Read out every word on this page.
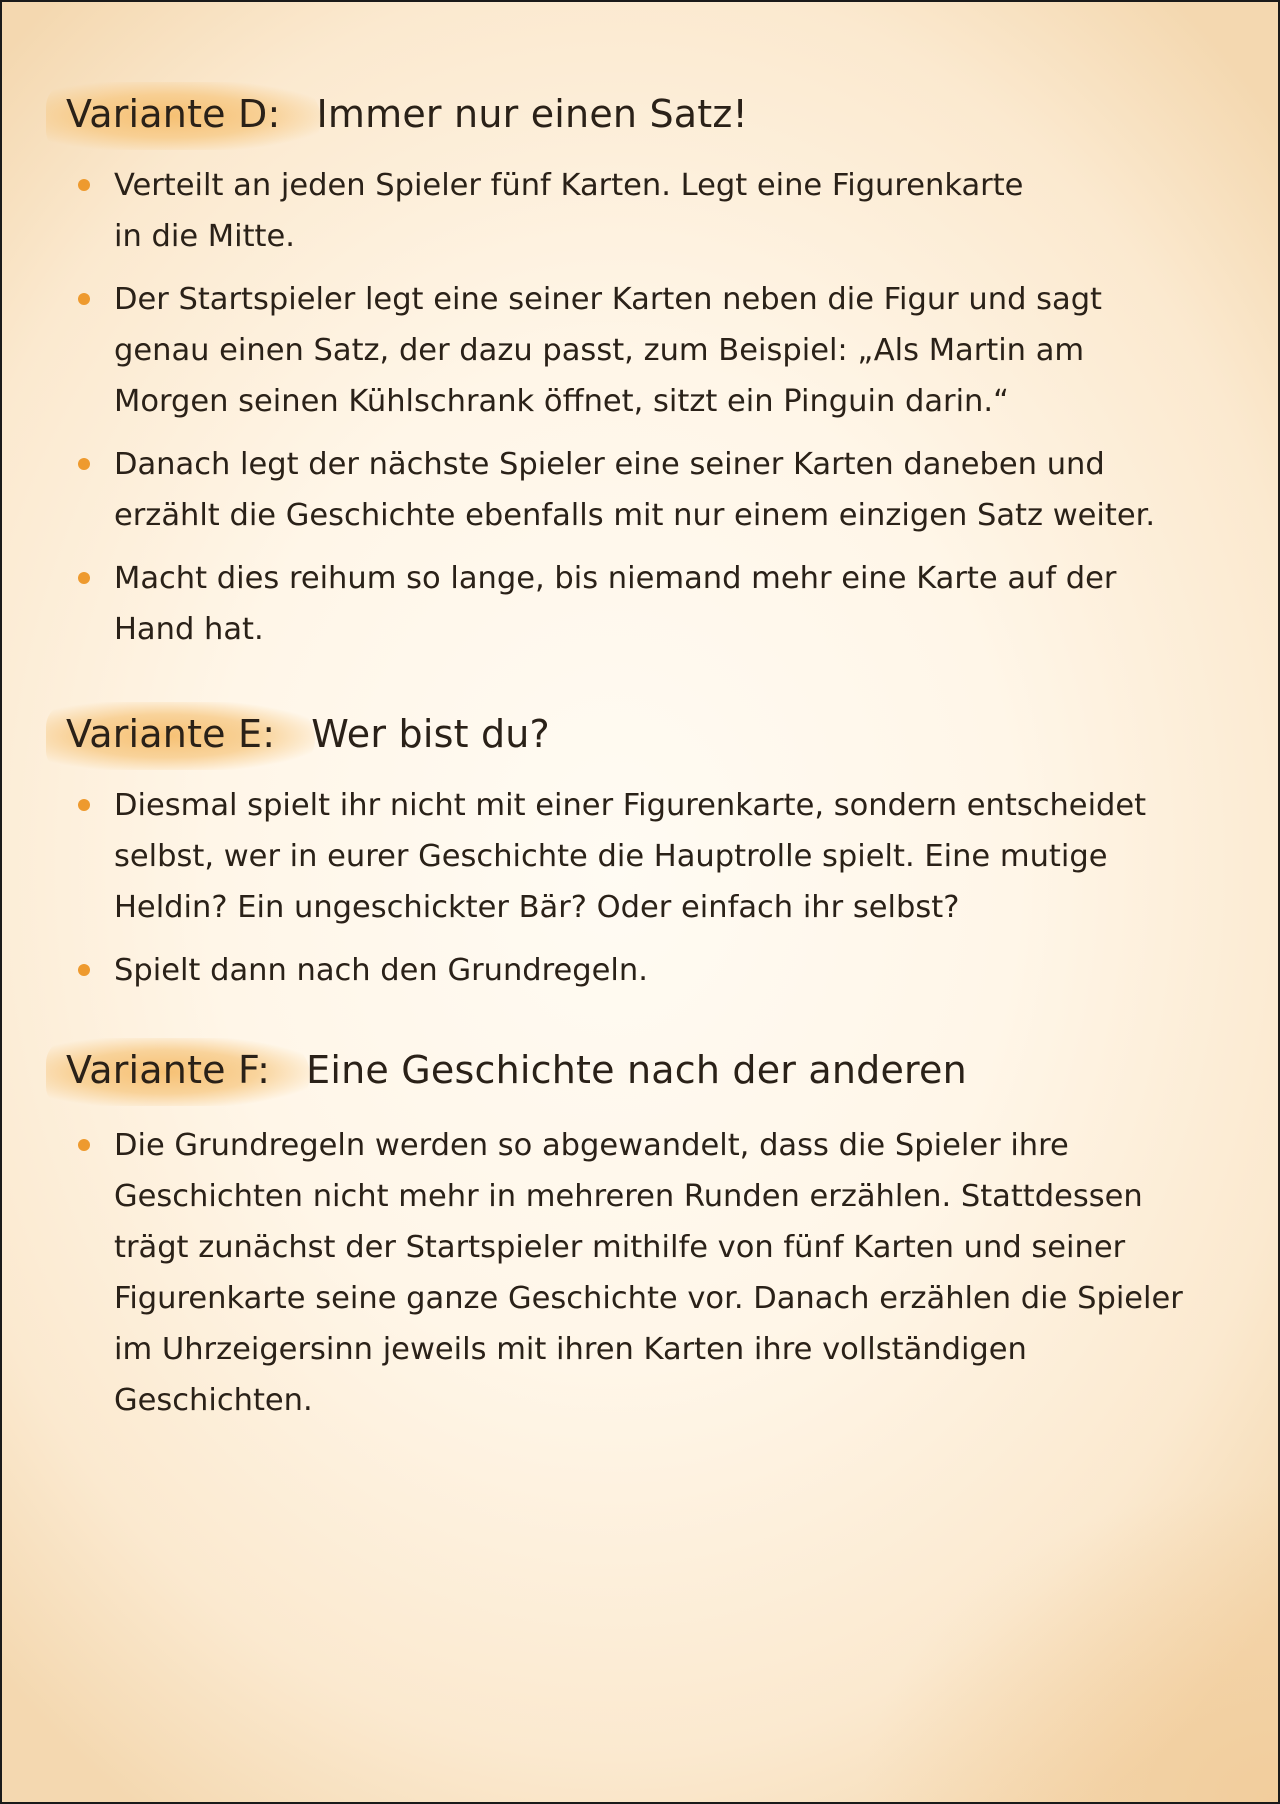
Variante D: Immer nur einen Satz!
Verteilt an jeden Spieler fünf Karten. Legt eine Figurenkarte
in die Mitte.
Der Startspieler legt eine seiner Karten neben die Figur und sagt
genau einen Satz, der dazu passt, zum Beispiel: „Als Martin am
Morgen seinen Kühlschrank öffnet, sitzt ein Pinguin darin.“
Danach legt der nächste Spieler eine seiner Karten daneben und
erzählt die Geschichte ebenfalls mit nur einem einzigen Satz weiter.
Macht dies reihum so lange, bis niemand mehr eine Karte auf der
Hand hat.
Variante E: Wer bist du?
Diesmal spielt ihr nicht mit einer Figurenkarte, sondern entscheidet
selbst, wer in eurer Geschichte die Hauptrolle spielt. Eine mutige
Heldin? Ein ungeschickter Bär? Oder einfach ihr selbst?
Spielt dann nach den Grundregeln.
Variante F: Eine Geschichte nach der anderen
Die Grundregeln werden so abgewandelt, dass die Spieler ihre
Geschichten nicht mehr in mehreren Runden erzählen. Stattdessen
trägt zunächst der Startspieler mithilfe von fünf Karten und seiner
Figurenkarte seine ganze Geschichte vor. Danach erzählen die Spieler
im Uhrzeigersinn jeweils mit ihren Karten ihre vollständigen
Geschichten.
